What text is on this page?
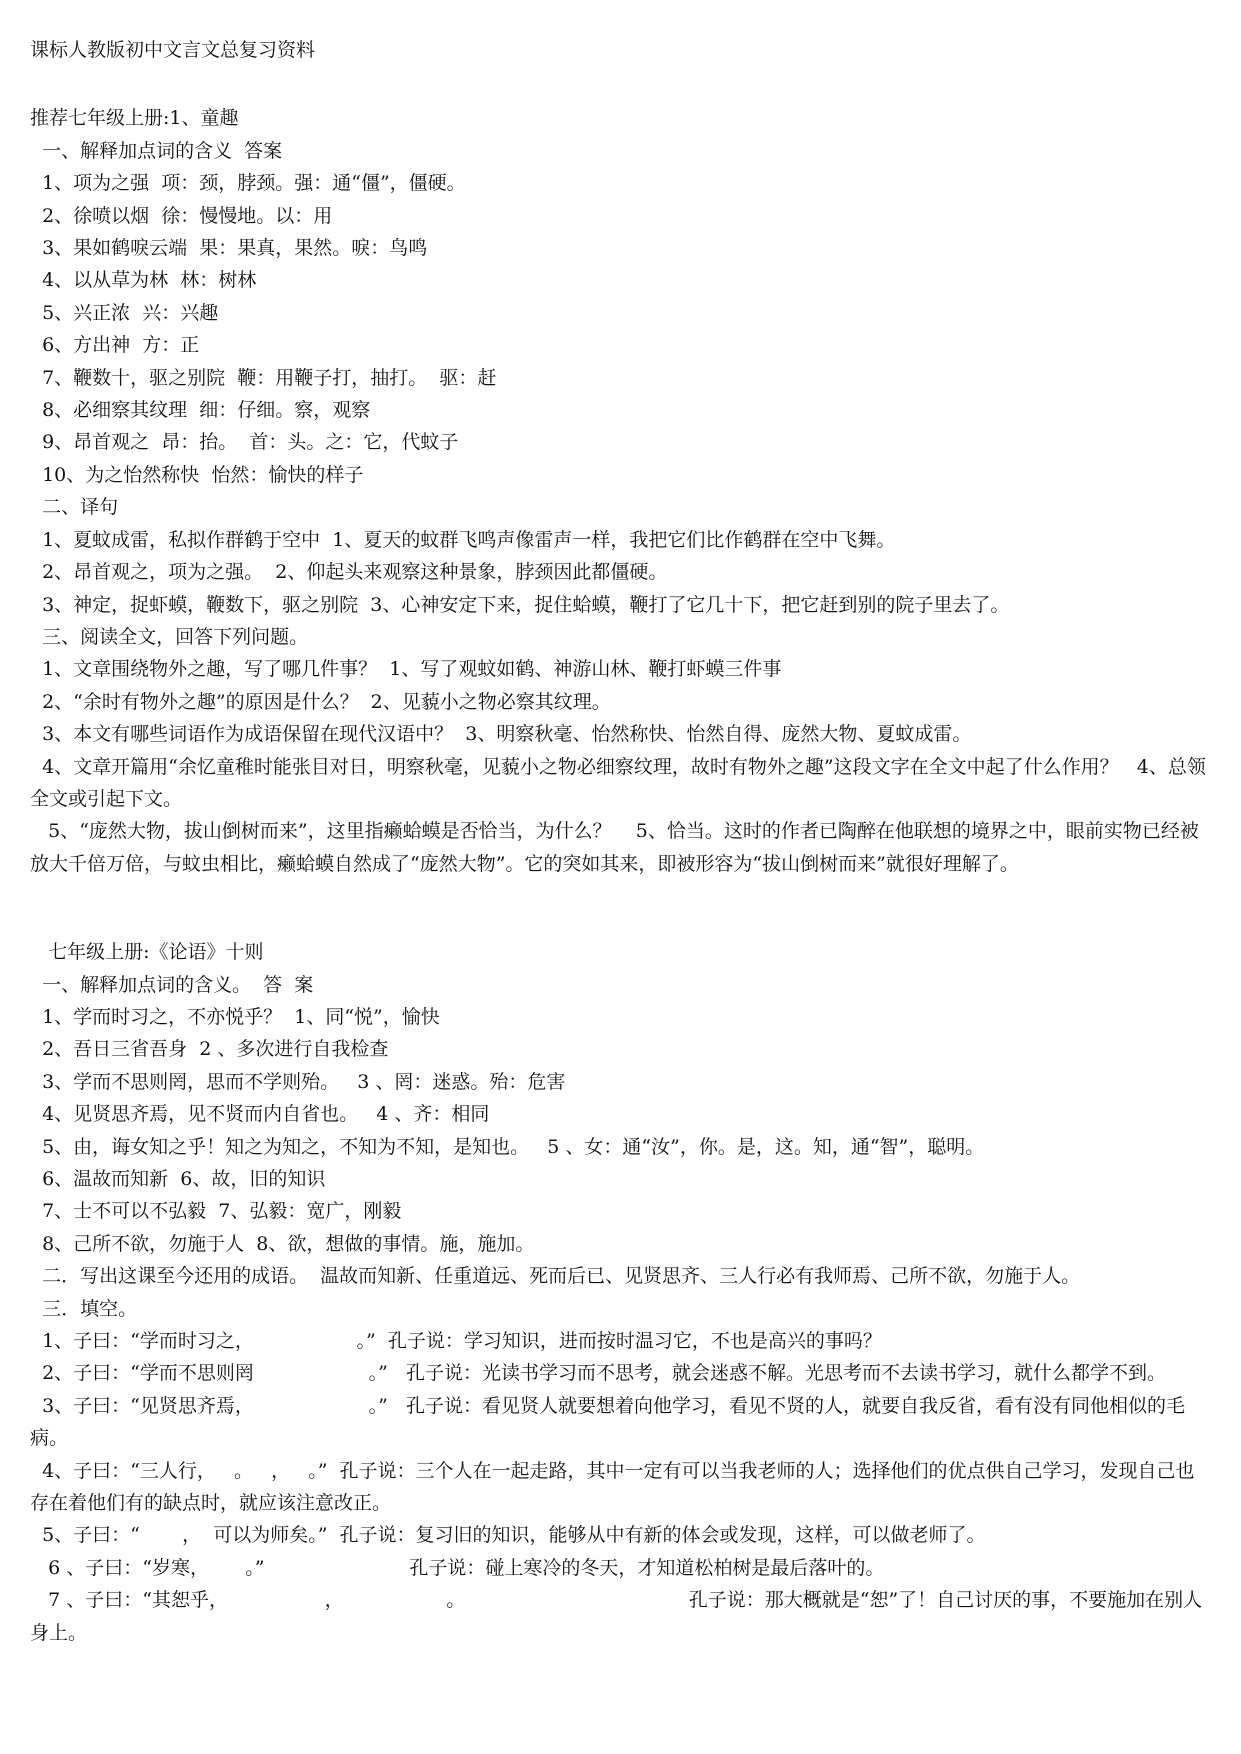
课标人教版初中文言文总复习资料

推荐七年级上册:1、童趣

一、解释加点词的含义  答案

1、项为之强  项：颈，脖颈。强：通“僵”，僵硬。

2、徐喷以烟  徐：慢慢地。以：用

3、果如鹤唳云端  果：果真，果然。唳：鸟鸣

4、以从草为林  林：树林

5、兴正浓  兴：兴趣

6、方出神  方：正

7、鞭数十，驱之别院  鞭：用鞭子打，抽打。  驱：赶

8、必细察其纹理  细：仔细。察，观察

9、昂首观之  昂：抬。  首：头。之：它，代蚊子

10、为之怡然称快  怡然：愉快的样子

二、译句

1、夏蚊成雷，私拟作群鹤于空中  1、夏天的蚊群飞鸣声像雷声一样，我把它们比作鹤群在空中飞舞。

2、昂首观之，项为之强。  2、仰起头来观察这种景象，脖颈因此都僵硬。

3、神定，捉虾蟆，鞭数下，驱之别院  3、心神安定下来，捉住蛤蟆，鞭打了它几十下，把它赶到别的院子里去了。

三、阅读全文，回答下列问题。

1、文章围绕物外之趣，写了哪几件事？  1、写了观蚊如鹤、神游山林、鞭打虾蟆三件事

2、“余时有物外之趣”的原因是什么？  2、见藐小之物必察其纹理。

3、本文有哪些词语作为成语保留在现代汉语中？  3、明察秋毫、怡然称快、怡然自得、庞然大物、夏蚊成雷。

4、文章开篇用“余忆童稚时能张目对日，明察秋毫，见藐小之物必细察纹理，故时有物外之趣”这段文字在全文中起了什么作用？   4、总领全文或引起下文。

5、“庞然大物，拔山倒树而来”，这里指癞蛤蟆是否恰当，为什么？    5、恰当。这时的作者已陶醉在他联想的境界之中，眼前实物已经被放大千倍万倍，与蚊虫相比，癞蛤蟆自然成了“庞然大物”。它的突如其来，即被形容为“拔山倒树而来”就很好理解了。

七年级上册:《论语》十则

一、解释加点词的含义。  答  案

1、学而时习之，不亦悦乎？  1、同“悦”，愉快

2、吾日三省吾身  2 、多次进行自我检查

3、学而不思则罔，思而不学则殆。   3 、罔：迷惑。殆：危害

4、见贤思齐焉，见不贤而内自省也。   4 、齐：相同

5、由，诲女知之乎！知之为知之，不知为不知，是知也。   5 、女：通“汝”，你。是，这。知，通“智”，聪明。

6、温故而知新  6、故，旧的知识

7、士不可以不弘毅  7、弘毅：宽广，刚毅

8、己所不欲，勿施于人  8、欲，想做的事情。施，施加。

二．写出这课至今还用的成语。  温故而知新、任重道远、死而后已、见贤思齐、三人行必有我师焉、己所不欲，勿施于人。

三．填空。

1、子曰：“学而时习之，                 。”  孔子说：学习知识，进而按时温习它，不也是高兴的事吗？

2、子曰：“学而不思则罔                   。”   孔子说：光读书学习而不思考，就会迷惑不解。光思考而不去读书学习，就什么都学不到。

3、子曰：“见贤思齐焉，                   。”   孔子说：看见贤人就要想着向他学习，看见不贤的人，就要自我反省，看有没有同他相似的毛病。

4、子曰：“三人行，   。   ，   。”  孔子说：三个人在一起走路，其中一定有可以当我老师的人；选择他们的优点供自己学习，发现自己也存在着他们有的缺点时，就应该注意改正。

5、子曰：“       ，  可以为师矣。”  孔子说：复习旧的知识，能够从中有新的体会或发现，这样，可以做老师了。

6 、子曰：“岁寒，      。”                        孔子说：碰上寒冷的冬天，才知道松柏树是最后落叶的。

7 、子曰：“其恕乎，                ，                 。                                     孔子说：那大概就是“恕”了！自己讨厌的事，不要施加在别人身上。
